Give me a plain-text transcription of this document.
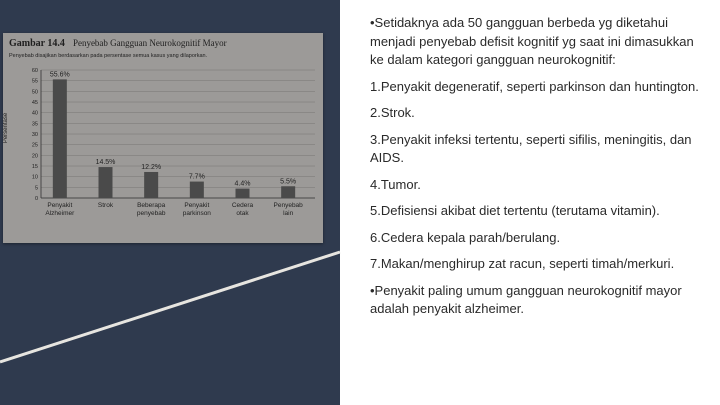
Gambar 14.4 Penyebab Gangguan Neurokognitif Mayor
Penyebab disajikan berdasarkan pada persentase semua kasus yang dilaporkan.
Persentase
60
55
50
45
40
35
30
25
20
15
10
5
0
55.6%
Penyakit
Alzheimer
14.5%
Strok
12.2%
Beberapa
penyebab
7.7%
Penyakit
parkinson
4.4%
Cedera
otak
5.5%
Penyebab
lain

•Setidaknya ada 50 gangguan berbeda yg diketahui menjadi penyebab defisit kognitif yg saat ini dimasukkan ke dalam kategori gangguan neurokognitif:

1.Penyakit degeneratif, seperti parkinson dan huntington.

2.Strok.

3.Penyakit infeksi tertentu, seperti sifilis, meningitis, dan AIDS.

4.Tumor.

5.Defisiensi akibat diet tertentu (terutama vitamin).

6.Cedera kepala parah/berulang.

7.Makan/menghirup zat racun, seperti timah/merkuri.

•Penyakit paling umum gangguan neurokognitif mayor adalah penyakit alzheimer.
